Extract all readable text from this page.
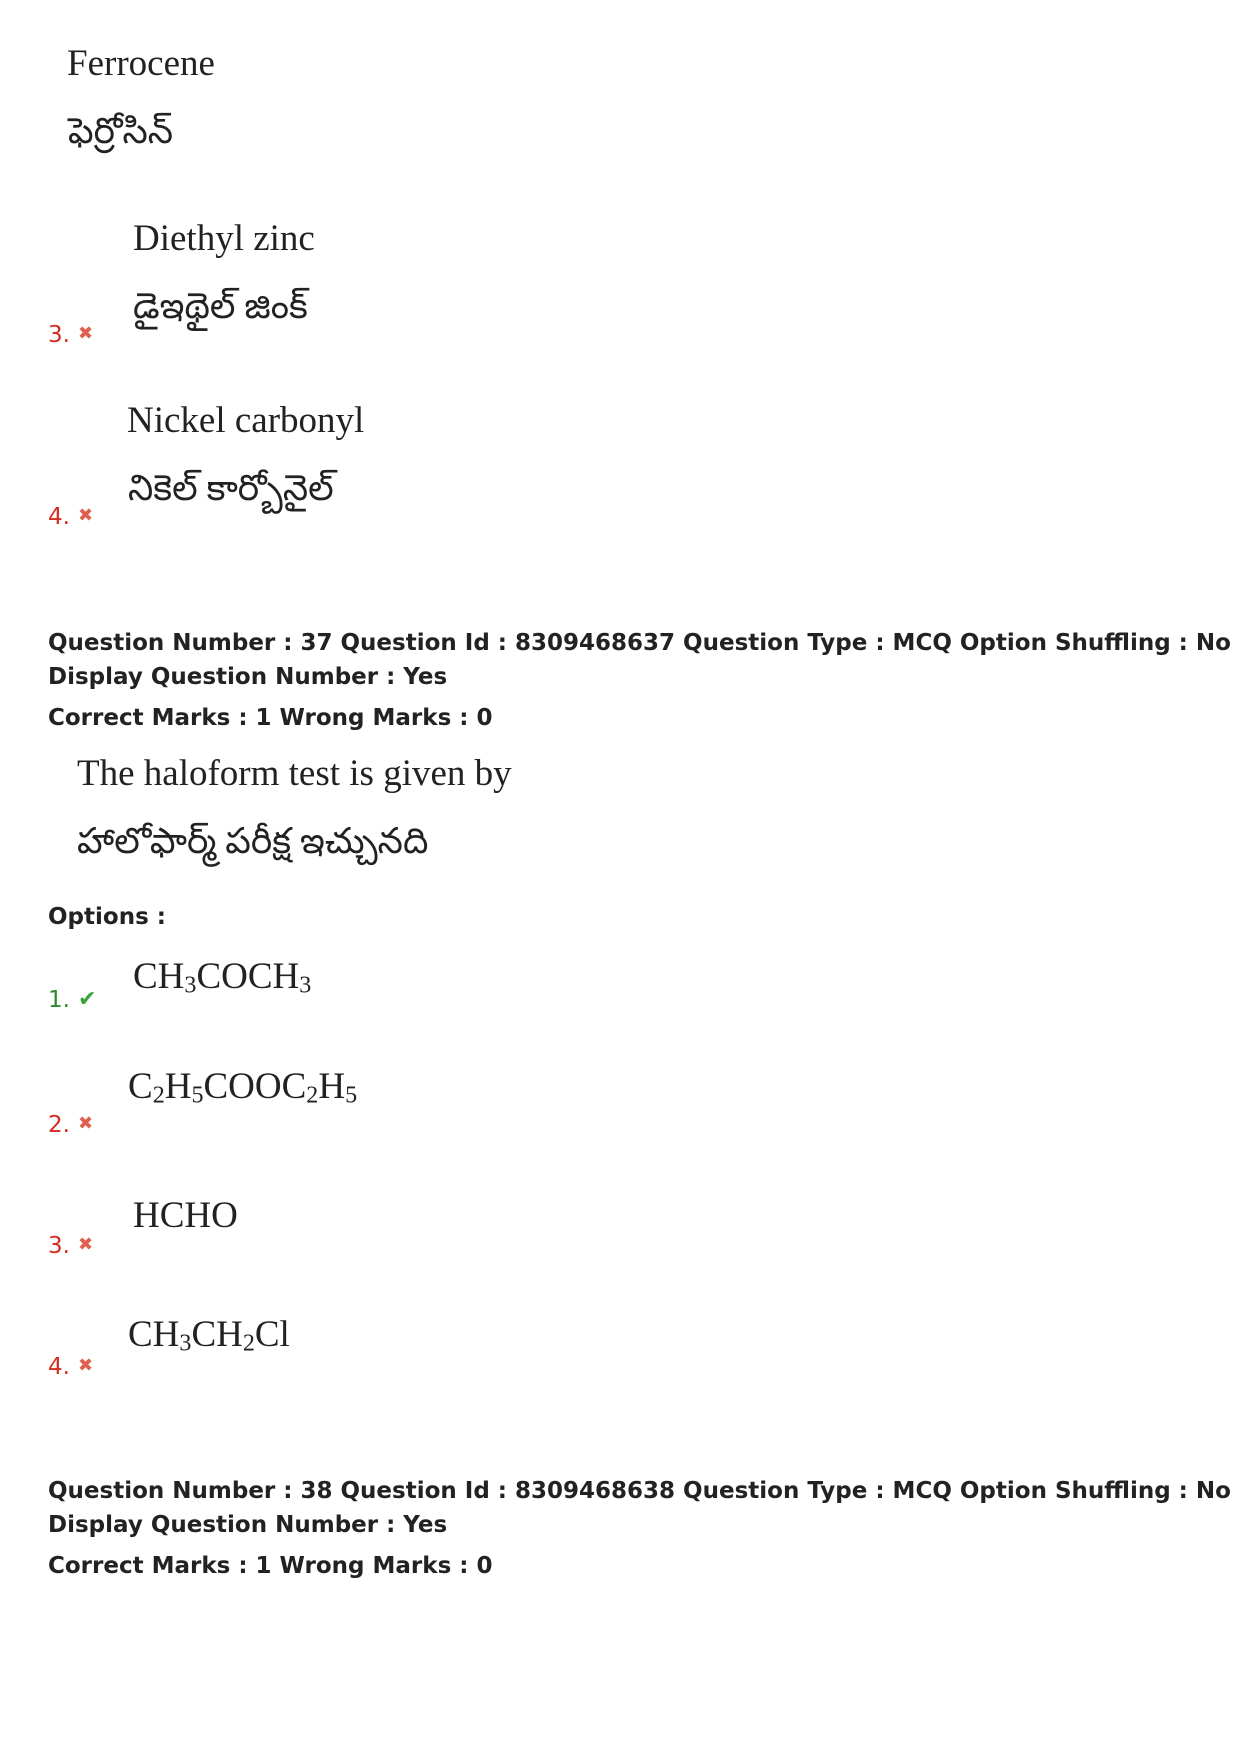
Ferrocene
ఫెర్రోసిన్
Diethyl zinc
డైఇథైల్ జింక్
3. ✖
Nickel carbonyl
నికెల్ కార్బోనైల్
4. ✖
Question Number : 37 Question Id : 8309468637 Question Type : MCQ Option Shuffling : No
Display Question Number : Yes
Correct Marks : 1 Wrong Marks : 0
The haloform test is given by
హాలోఫార్మ్ పరీక్ష ఇచ్చునది
Options :
$CH_3COCH_3$
1. ✔
$C_2H_5COOC_2H_5$
2. ✖
HCHO
3. ✖
$CH_3CH_2Cl$
4. ✖
Question Number : 38 Question Id : 8309468638 Question Type : MCQ Option Shuffling : No
Display Question Number : Yes
Correct Marks : 1 Wrong Marks : 0
